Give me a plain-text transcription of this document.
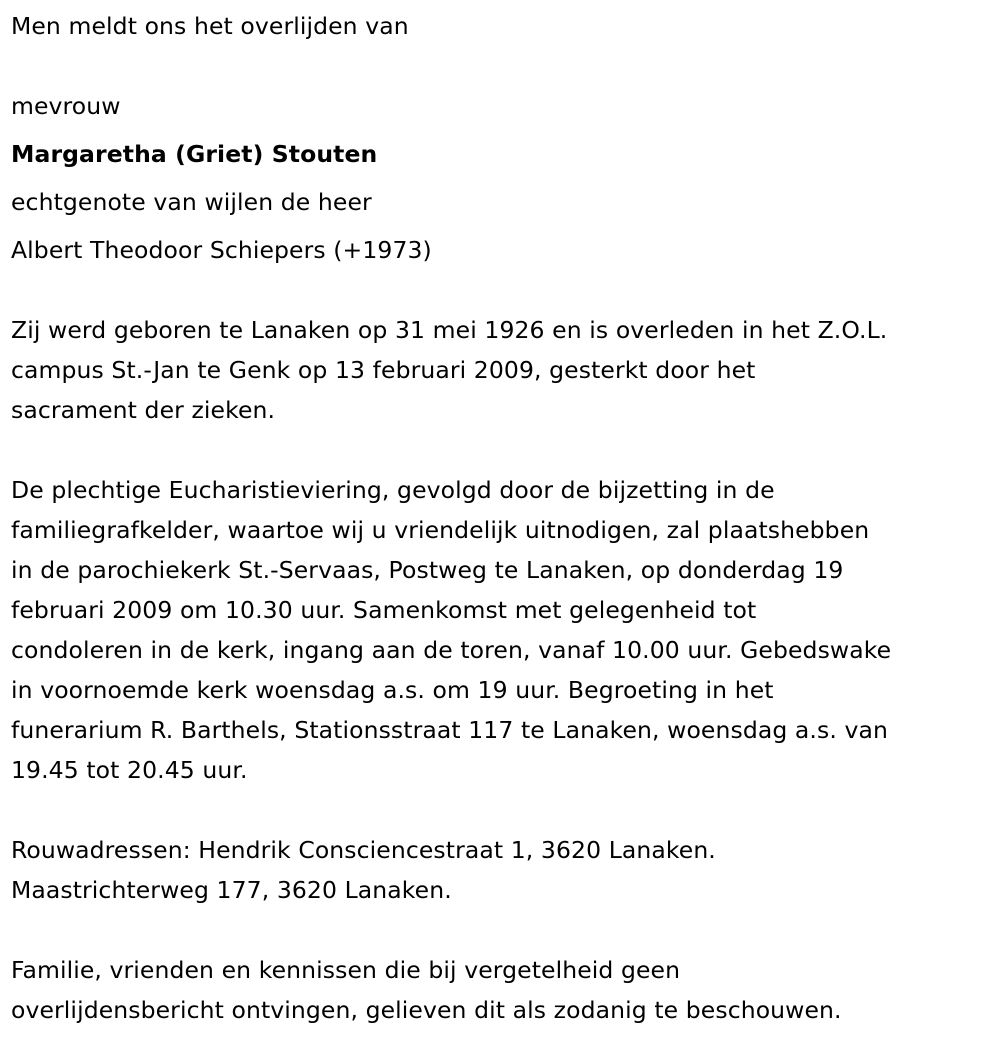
Men meldt ons het overlijden van
mevrouw
Margaretha (Griet) Stouten
echtgenote van wijlen de heer
Albert Theodoor Schiepers (+1973)
Zij werd geboren te Lanaken op 31 mei 1926 en is overleden in het Z.O.L.
campus St.-Jan te Genk op 13 februari 2009, gesterkt door het
sacrament der zieken.
De plechtige Eucharistieviering, gevolgd door de bijzetting in de
familiegrafkelder, waartoe wij u vriendelijk uitnodigen, zal plaatshebben
in de parochiekerk St.-Servaas, Postweg te Lanaken, op donderdag 19
februari 2009 om 10.30 uur. Samenkomst met gelegenheid tot
condoleren in de kerk, ingang aan de toren, vanaf 10.00 uur. Gebedswake
in voornoemde kerk woensdag a.s. om 19 uur. Begroeting in het
funerarium R. Barthels, Stationsstraat 117 te Lanaken, woensdag a.s. van
19.45 tot 20.45 uur.
Rouwadressen: Hendrik Consciencestraat 1, 3620 Lanaken.
Maastrichterweg 177, 3620 Lanaken.
Familie, vrienden en kennissen die bij vergetelheid geen
overlijdensbericht ontvingen, gelieven dit als zodanig te beschouwen.
